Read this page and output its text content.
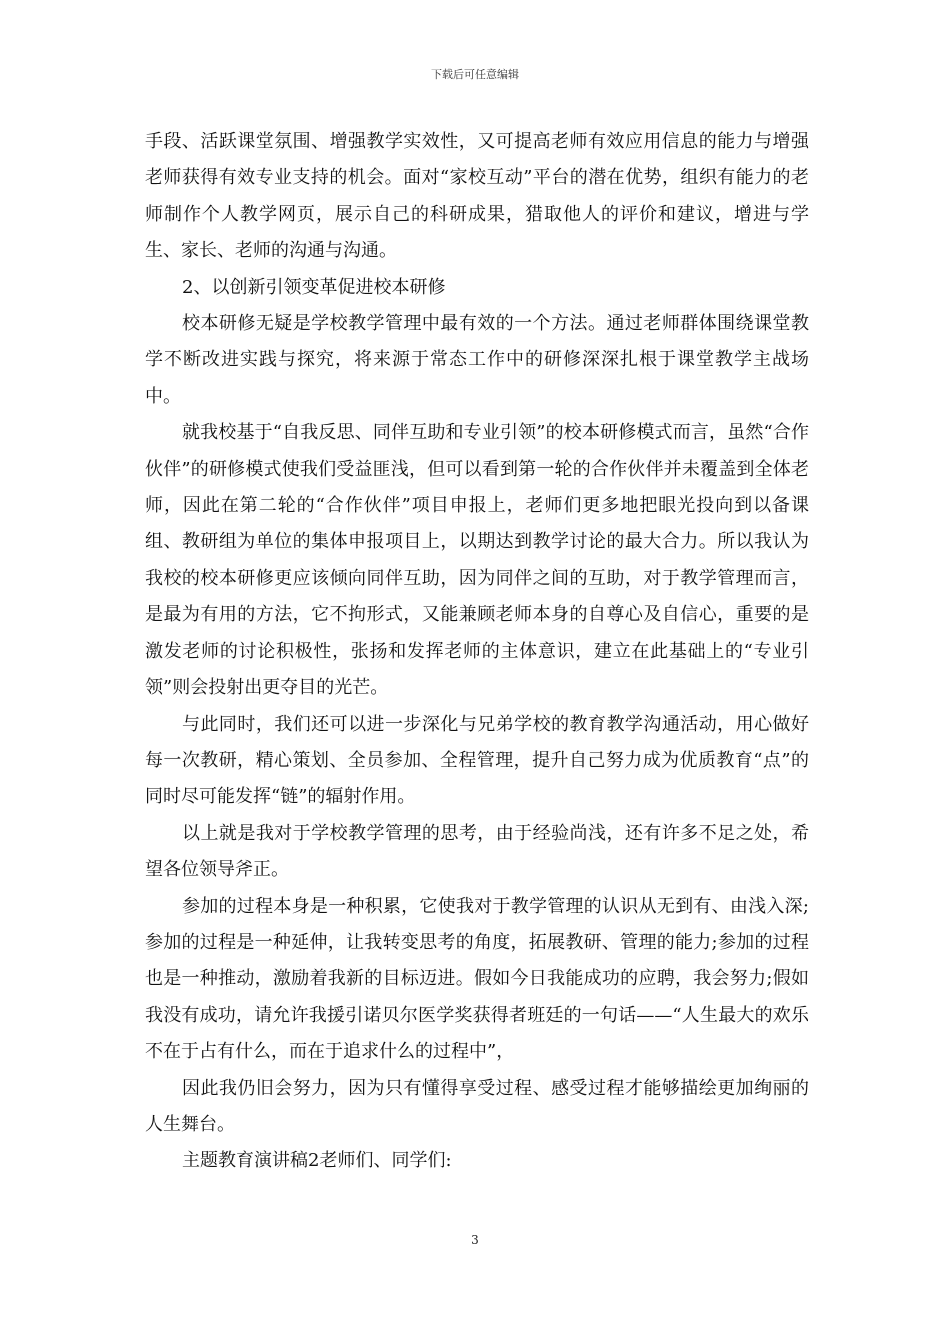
下载后可任意编辑

手段、活跃课堂氛围、增强教学实效性，又可提高老师有效应用信息的能力与增强老师获得有效专业支持的机会。面对“家校互动”平台的潜在优势，组织有能力的老师制作个人教学网页，展示自己的科研成果，猎取他人的评价和建议，增进与学生、家长、老师的沟通与沟通。

2、以创新引领变革促进校本研修

校本研修无疑是学校教学管理中最有效的一个方法。通过老师群体围绕课堂教学不断改进实践与探究，将来源于常态工作中的研修深深扎根于课堂教学主战场中。

就我校基于“自我反思、同伴互助和专业引领”的校本研修模式而言，虽然“合作伙伴”的研修模式使我们受益匪浅，但可以看到第一轮的合作伙伴并未覆盖到全体老师，因此在第二轮的“合作伙伴”项目申报上，老师们更多地把眼光投向到以备课组、教研组为单位的集体申报项目上，以期达到教学讨论的最大合力。所以我认为我校的校本研修更应该倾向同伴互助，因为同伴之间的互助，对于教学管理而言，是最为有用的方法，它不拘形式，又能兼顾老师本身的自尊心及自信心，重要的是激发老师的讨论积极性，张扬和发挥老师的主体意识，建立在此基础上的“专业引领”则会投射出更夺目的光芒。

与此同时，我们还可以进一步深化与兄弟学校的教育教学沟通活动，用心做好每一次教研，精心策划、全员参加、全程管理，提升自己努力成为优质教育“点”的同时尽可能发挥“链”的辐射作用。

以上就是我对于学校教学管理的思考，由于经验尚浅，还有许多不足之处，希望各位领导斧正。

参加的过程本身是一种积累，它使我对于教学管理的认识从无到有、由浅入深;参加的过程是一种延伸，让我转变思考的角度，拓展教研、管理的能力;参加的过程也是一种推动，激励着我新的目标迈进。假如今日我能成功的应聘，我会努力;假如我没有成功，请允许我援引诺贝尔医学奖获得者班廷的一句话——“人生最大的欢乐不在于占有什么，而在于追求什么的过程中”，

因此我仍旧会努力，因为只有懂得享受过程、感受过程才能够描绘更加绚丽的人生舞台。

主题教育演讲稿2老师们、同学们:

3
